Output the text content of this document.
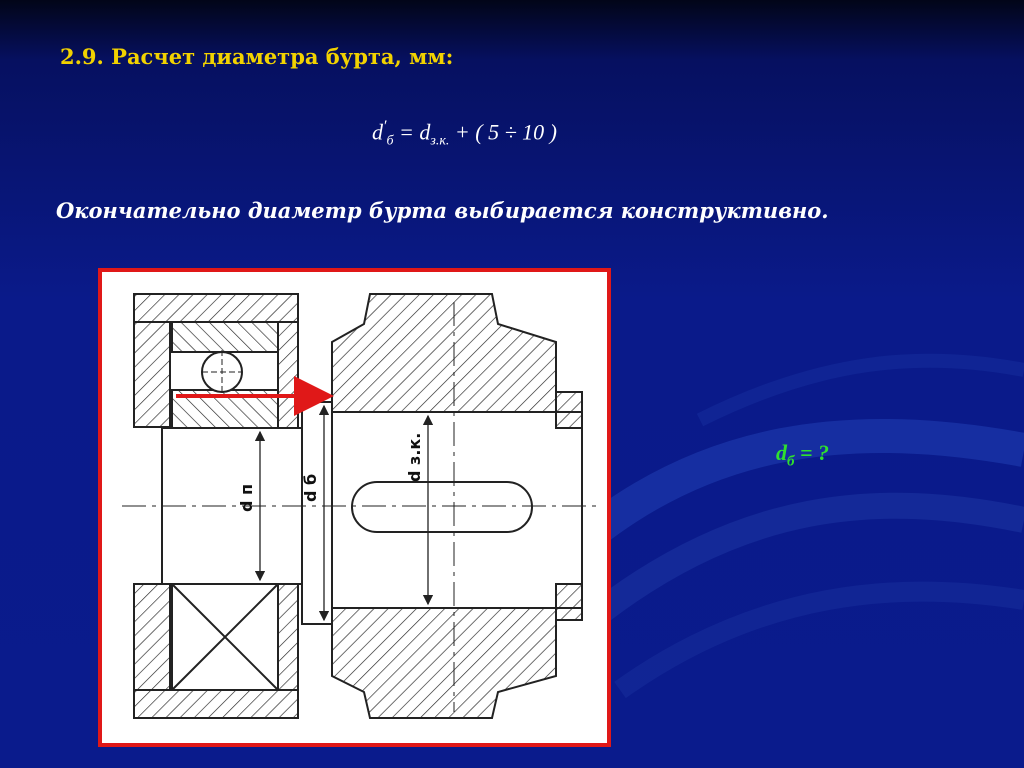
2.9. Расчет диаметра бурта, мм:
$d'_б = d_{з.к.}$ + ( 5 ÷ 10 )
Окончательно диаметр бурта выбирается конструктивно.
$d_б$ = ?
d п	d б
d з.к.
